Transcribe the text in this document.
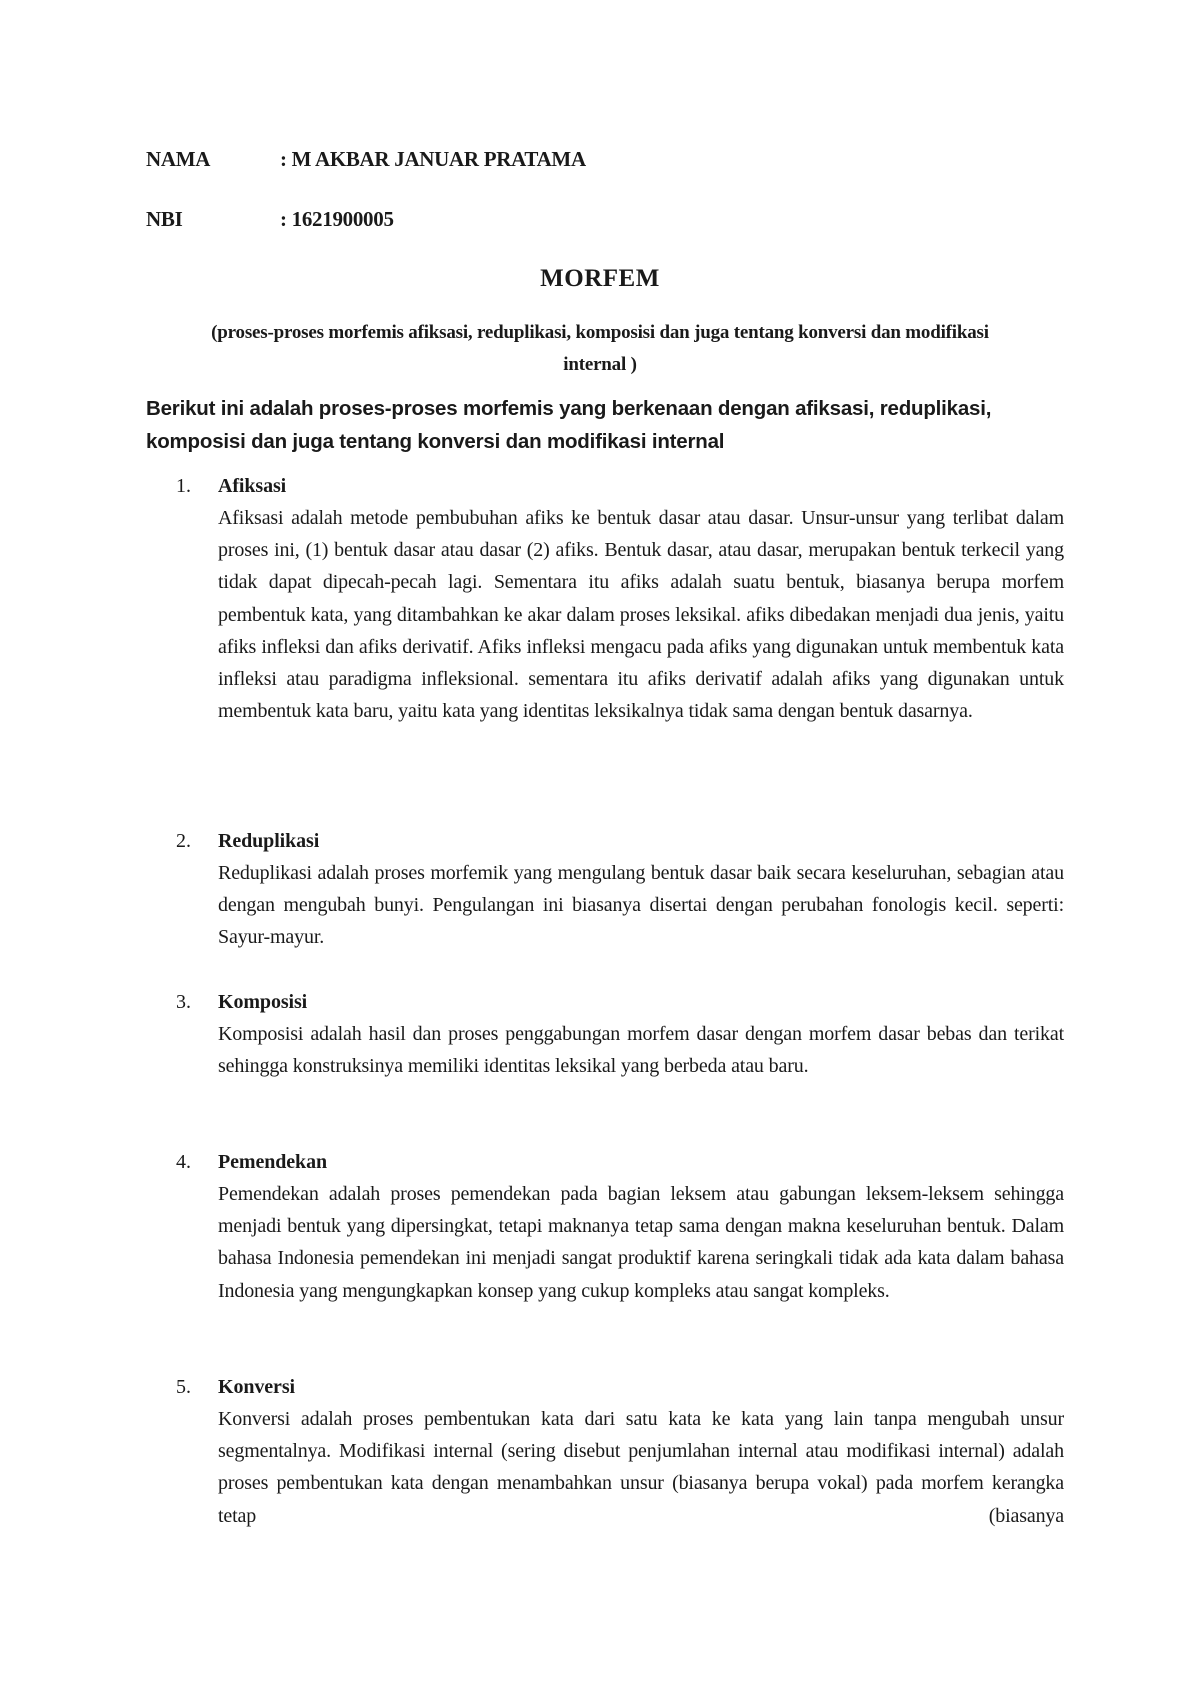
NAMA	: M AKBAR JANUAR PRATAMA
NBI	: 1621900005
MORFEM
(proses-proses morfemis afiksasi, reduplikasi, komposisi dan juga tentang konversi dan modifikasi internal )
Berikut ini adalah proses-proses morfemis yang berkenaan dengan afiksasi, reduplikasi, komposisi dan juga tentang konversi dan modifikasi internal
1. Afiksasi
Afiksasi adalah metode pembubuhan afiks ke bentuk dasar atau dasar. Unsur-unsur yang terlibat dalam proses ini, (1) bentuk dasar atau dasar (2) afiks. Bentuk dasar, atau dasar, merupakan bentuk terkecil yang tidak dapat dipecah-pecah lagi. Sementara itu afiks adalah suatu bentuk, biasanya berupa morfem pembentuk kata, yang ditambahkan ke akar dalam proses leksikal. afiks dibedakan menjadi dua jenis, yaitu afiks infleksi dan afiks derivatif. Afiks infleksi mengacu pada afiks yang digunakan untuk membentuk kata infleksi atau paradigma infleksional. sementara itu afiks derivatif adalah afiks yang digunakan untuk membentuk kata baru, yaitu kata yang identitas leksikalnya tidak sama dengan bentuk dasarnya.
2. Reduplikasi
Reduplikasi adalah proses morfemik yang mengulang bentuk dasar baik secara keseluruhan, sebagian atau dengan mengubah bunyi. Pengulangan ini biasanya disertai dengan perubahan fonologis kecil. seperti: Sayur-mayur.
3. Komposisi
Komposisi adalah hasil dan proses penggabungan morfem dasar dengan morfem dasar bebas dan terikat sehingga konstruksinya memiliki identitas leksikal yang berbeda atau baru.
4. Pemendekan
Pemendekan adalah proses pemendekan pada bagian leksem atau gabungan leksem-leksem sehingga menjadi bentuk yang dipersingkat, tetapi maknanya tetap sama dengan makna keseluruhan bentuk. Dalam bahasa Indonesia pemendekan ini menjadi sangat produktif karena seringkali tidak ada kata dalam bahasa Indonesia yang mengungkapkan konsep yang cukup kompleks atau sangat kompleks.
5. Konversi
Konversi adalah proses pembentukan kata dari satu kata ke kata yang lain tanpa mengubah unsur segmentalnya. Modifikasi internal (sering disebut penjumlahan internal atau modifikasi internal) adalah proses pembentukan kata dengan menambahkan unsur (biasanya berupa vokal) pada morfem kerangka tetap (biasanya
